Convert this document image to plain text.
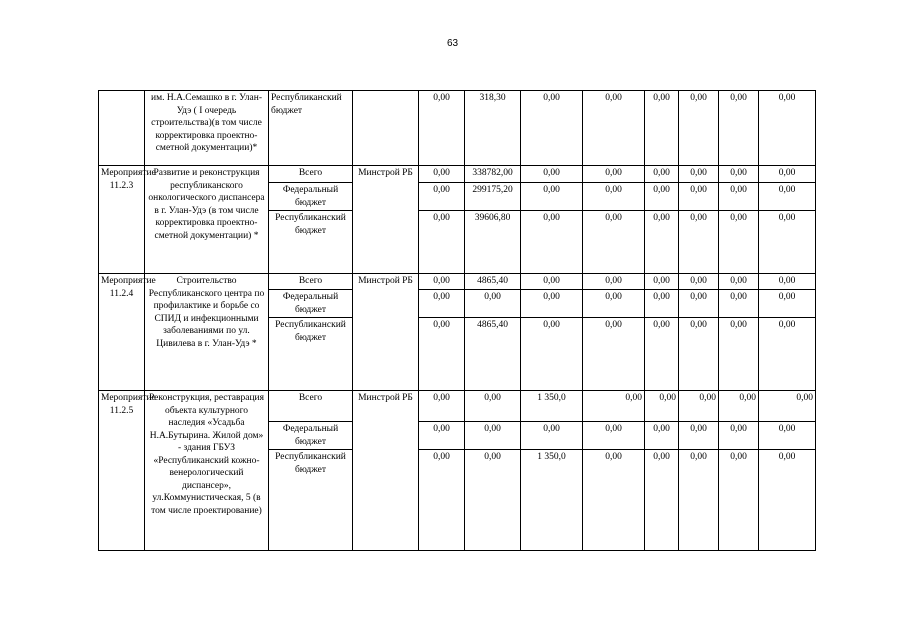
63
	им. Н.А.Семашко в г. Улан-Удэ ( I очередь строительства)(в том числе корректировка проектно-сметной документации)*	Республиканский бюджет		0,00	318,30	0,00	0,00	0,00	0,00	0,00	0,00
Мероприятие 11.2.3	Развитие и реконструкция республиканского онкологического диспансера в г. Улан-Удэ (в том числе корректировка проектно-сметной документации) *	Всего	Минстрой РБ	0,00	338782,00	0,00	0,00	0,00	0,00	0,00	0,00
		Федеральный бюджет		0,00	299175,20	0,00	0,00	0,00	0,00	0,00	0,00
		Республиканский бюджет		0,00	39606,80	0,00	0,00	0,00	0,00	0,00	0,00
Мероприятие 11.2.4	Строительство Республиканского центра по профилактике и борьбе со СПИД и инфекционными заболеваниями по ул. Цивилева в г. Улан-Удэ *	Всего	Минстрой РБ	0,00	4865,40	0,00	0,00	0,00	0,00	0,00	0,00
		Федеральный бюджет		0,00	0,00	0,00	0,00	0,00	0,00	0,00	0,00
		Республиканский бюджет		0,00	4865,40	0,00	0,00	0,00	0,00	0,00	0,00
Мероприятие 11.2.5	Реконструкция, реставрация объекта культурного наследия «Усадьба Н.А.Бутырина. Жилой дом» - здания ГБУЗ «Республиканский кожно-венерологический диспансер», ул.Коммунистическая, 5 (в том числе проектирование)	Всего	Минстрой РБ	0,00	0,00	1 350,0	0,00	0,00	0,00	0,00	0,00
		Федеральный бюджет		0,00	0,00	0,00	0,00	0,00	0,00	0,00	0,00
		Республиканский бюджет		0,00	0,00	1 350,0	0,00	0,00	0,00	0,00	0,00
